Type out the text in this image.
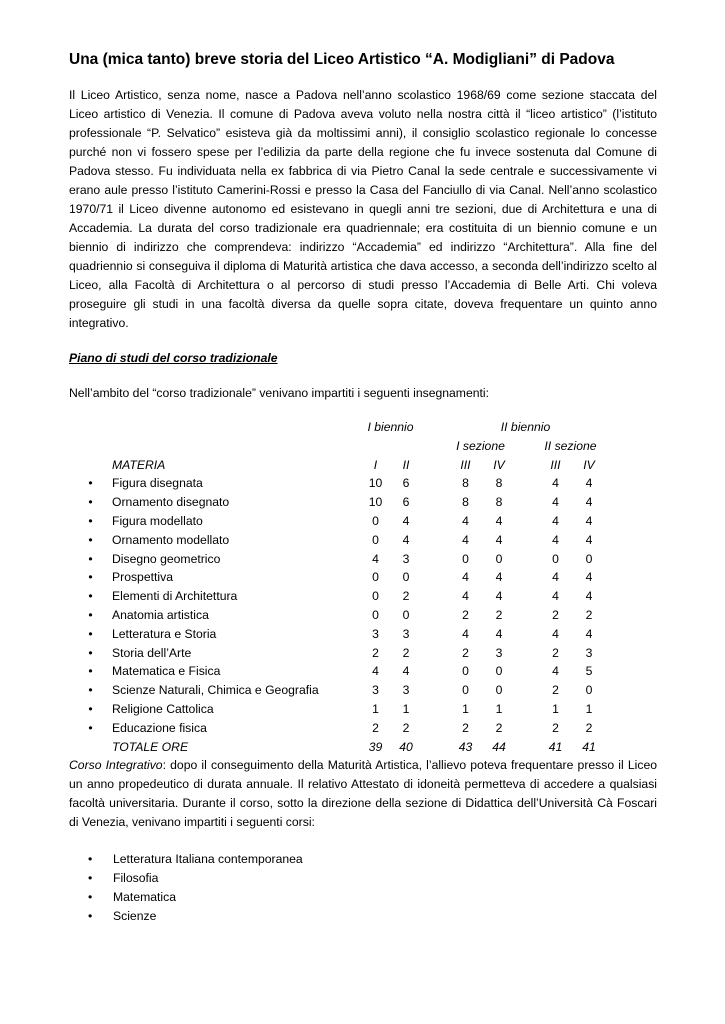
Una (mica tanto) breve storia del Liceo Artistico “A. Modigliani” di Padova

Il Liceo Artistico, senza nome, nasce a Padova nell’anno scolastico 1968/69 come sezione staccata del Liceo artistico di Venezia. Il comune di Padova aveva voluto nella nostra città il “liceo artistico” (l’istituto professionale “P. Selvatico” esisteva già da moltissimi anni), il consiglio scolastico regionale lo concesse purché non vi fossero spese per l’edilizia da parte della regione che fu invece sostenuta dal Comune di Padova stesso. Fu individuata nella ex fabbrica di via Pietro Canal la sede centrale e successivamente vi erano aule presso l’istituto Camerini-Rossi e presso la Casa del Fanciullo di via Canal. Nell’anno scolastico 1970/71 il Liceo divenne autonomo ed esistevano in quegli anni tre sezioni, due di Architettura e una di Accademia. La durata del corso tradizionale era quadriennale; era costituita di un biennio comune e un biennio di indirizzo che comprendeva: indirizzo “Accademia” ed indirizzo “Architettura”. Alla fine del quadriennio si conseguiva il diploma di Maturità artistica che dava accesso, a seconda dell’indirizzo scelto al Liceo, alla Facoltà di Architettura o al percorso di studi presso l’Accademia di Belle Arti. Chi voleva proseguire gli studi in una facoltà diversa da quelle sopra citate, doveva frequentare un quinto anno integrativo.

Piano di studi del corso tradizionale
Nell’ambito del “corso tradizionale” venivano impartiti i seguenti insegnamenti:
		I biennio			II biennio				
					I sezione			II sezione	
	MATERIA	I	II		III	IV		III	IV
•	Figura disegnata	10	6		8	8		4	4
•	Ornamento disegnato	10	6		8	8		4	4
•	Figura modellato	0	4		4	4		4	4
•	Ornamento modellato	0	4		4	4		4	4
•	Disegno geometrico	4	3		0	0		0	0
•	Prospettiva	0	0		4	4		4	4
•	Elementi di Architettura	0	2		4	4		4	4
•	Anatomia artistica	0	0		2	2		2	2
•	Letteratura e Storia	3	3		4	4		4	4
•	Storia dell’Arte	2	2		2	3		2	3
•	Matematica e Fisica	4	4		0	0		4	5
•	Scienze Naturali, Chimica e Geografia	3	3		0	0		2	0
•	Religione Cattolica	1	1		1	1		1	1
•	Educazione fisica	2	2		2	2		2	2
	TOTALE ORE	39	40		43	44		41	41

Corso Integrativo: dopo il conseguimento della Maturità Artistica, l’allievo poteva frequentare presso il Liceo un anno propedeutico di durata annuale. Il relativo Attestato di idoneità permetteva di accedere a qualsiasi facoltà universitaria. Durante il corso, sotto la direzione della sezione di Didattica dell’Università Cà Foscari di Venezia, venivano impartiti i seguenti corsi:

• Letteratura Italiana contemporanea
• Filosofia
• Matematica
• Scienze
